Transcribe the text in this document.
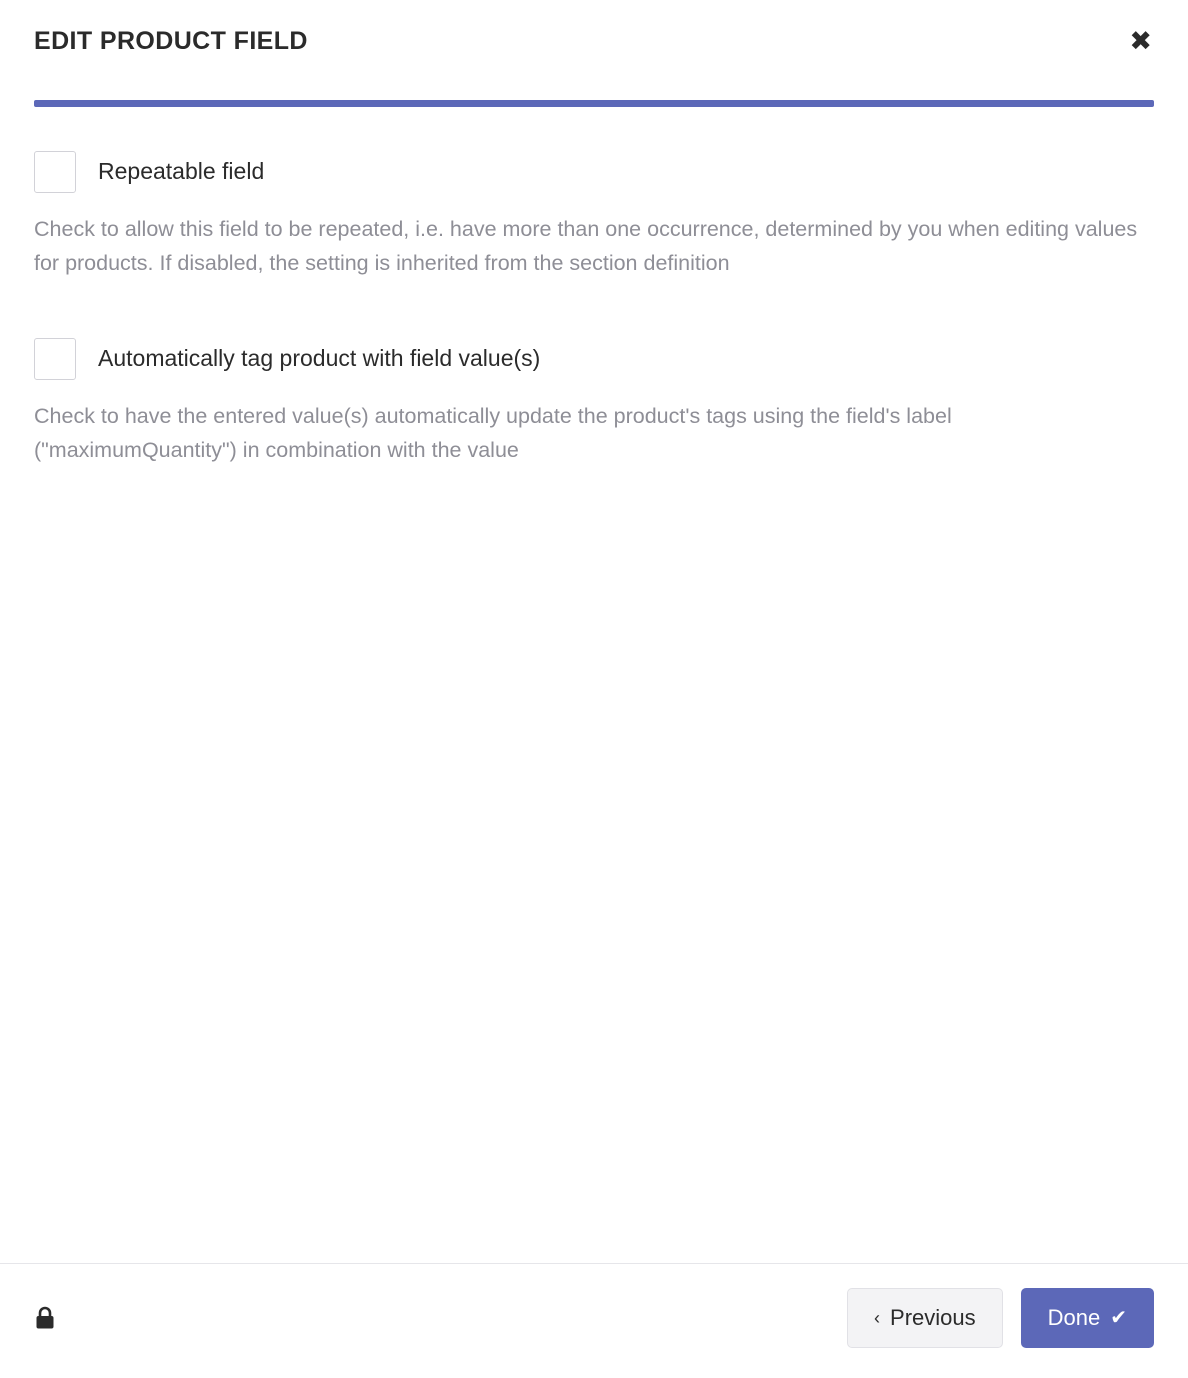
EDIT PRODUCT FIELD	✖
Repeatable field
Check to allow this field to be repeated, i.e. have more than one occurrence, determined by you when editing values for products. If disabled, the setting is inherited from the section definition
Automatically tag product with field value(s)
Check to have the entered value(s) automatically update the product's tags using the field's label ("maximumQuantity") in combination with the value
‹ Previous	Done ✔
